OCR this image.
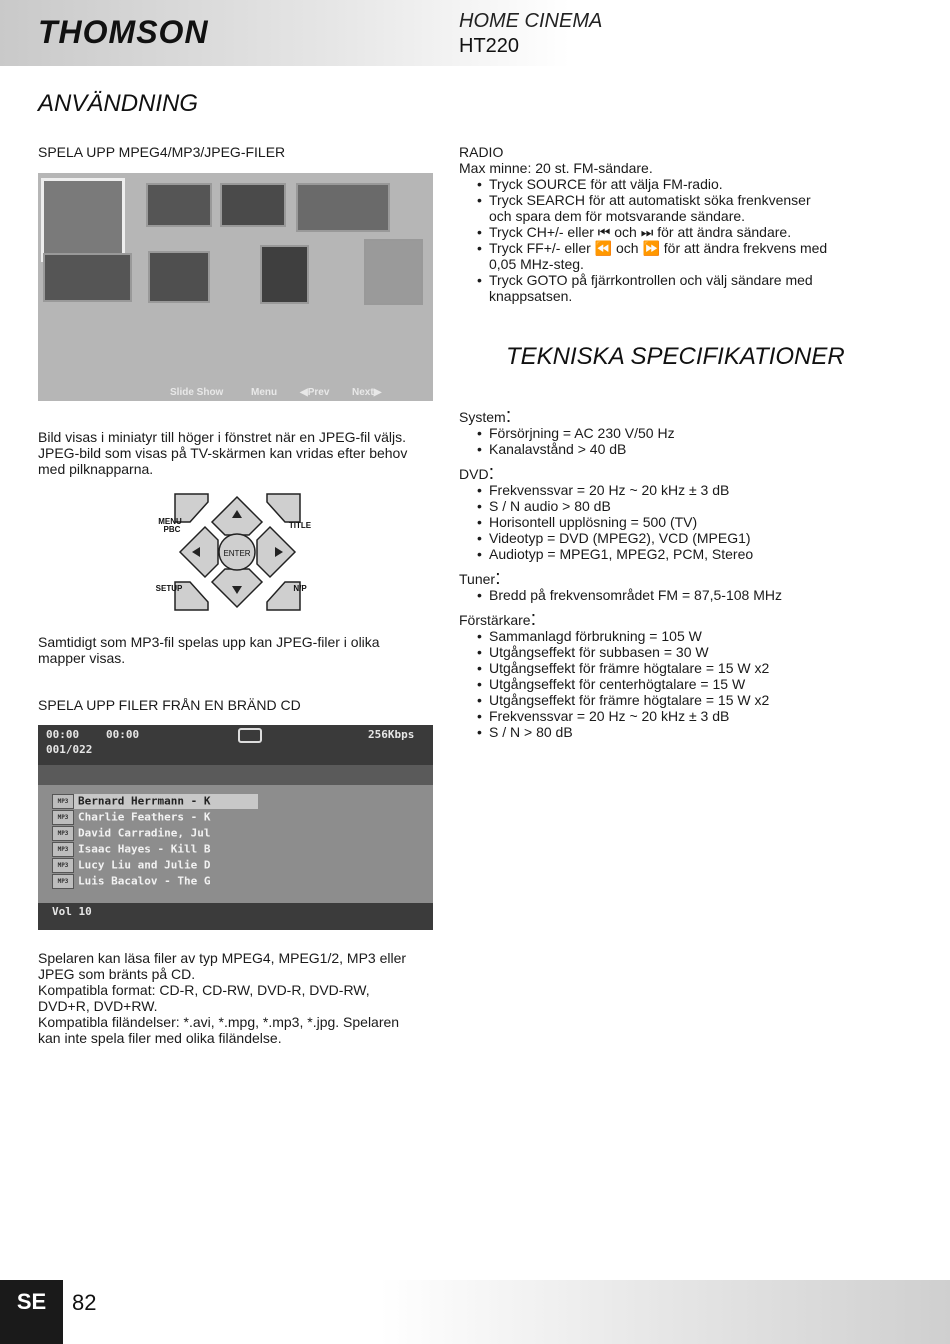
THOMSON	HOME CINEMA
HT220
ANVÄNDNING
SPELA UPP MPEG4/MP3/JPEG-FILER
Slide Show	Menu ◀Prev Next▶
Bild visas i miniatyr till höger i fönstret när en JPEG-fil väljs.
JPEG-bild som visas på TV-skärmen kan vridas efter behov
med pilknapparna.
ENTER
MENU
PBC	TITLE
SETUP	N/P
Samtidigt som MP3-fil spelas upp kan JPEG-filer i olika
mapper visas.
SPELA UPP FILER FRÅN EN BRÄND CD
00:00 00:00
001/022
256Kbps
MP3 Bernard Herrmann - K
MP3 Charlie Feathers - K
MP3 David Carradine, Jul
MP3 Isaac Hayes - Kill B
MP3 Lucy Liu and Julie D
MP3 Luis Bacalov - The G
Vol 10
Spelaren kan läsa filer av typ MPEG4, MPEG1/2, MP3 eller
JPEG som bränts på CD.
Kompatibla format: CD-R, CD-RW, DVD-R, DVD-RW,
DVD+R, DVD+RW.
Kompatibla filändelser: *.avi, *.mpg, *.mp3, *.jpg. Spelaren
kan inte spela filer med olika filändelse.
RADIO
Max minne: 20 st. FM-sändare.
• Tryck SOURCE för att välja FM-radio.
• Tryck SEARCH för att automatiskt söka frenkvenser
och spara dem för motsvarande sändare.
• Tryck CH+/- eller ⏮ och ⏭ för att ändra sändare.
• Tryck FF+/- eller ⏪ och ⏩ för att ändra frekvens med
0,05 MHz-steg.
• Tryck GOTO på fjärrkontrollen och välj sändare med
knappsatsen.
TEKNISKA SPECIFIKATIONER
System:
• Försörjning = AC 230 V/50 Hz
• Kanalavstånd > 40 dB
DVD:
• Frekvenssvar = 20 Hz ~ 20 kHz ± 3 dB
• S / N audio > 80 dB
• Horisontell upplösning = 500 (TV)
• Videotyp = DVD (MPEG2), VCD (MPEG1)
• Audiotyp = MPEG1, MPEG2, PCM, Stereo
Tuner:
• Bredd på frekvensområdet FM = 87,5-108 MHz
Förstärkare:
• Sammanlagd förbrukning = 105 W
• Utgångseffekt för subbasen = 30 W
• Utgångseffekt för främre högtalare = 15 W x2
• Utgångseffekt för centerhögtalare = 15 W
• Utgångseffekt för främre högtalare = 15 W x2
• Frekvenssvar = 20 Hz ~ 20 kHz ± 3 dB
• S / N > 80 dB
SE	82
